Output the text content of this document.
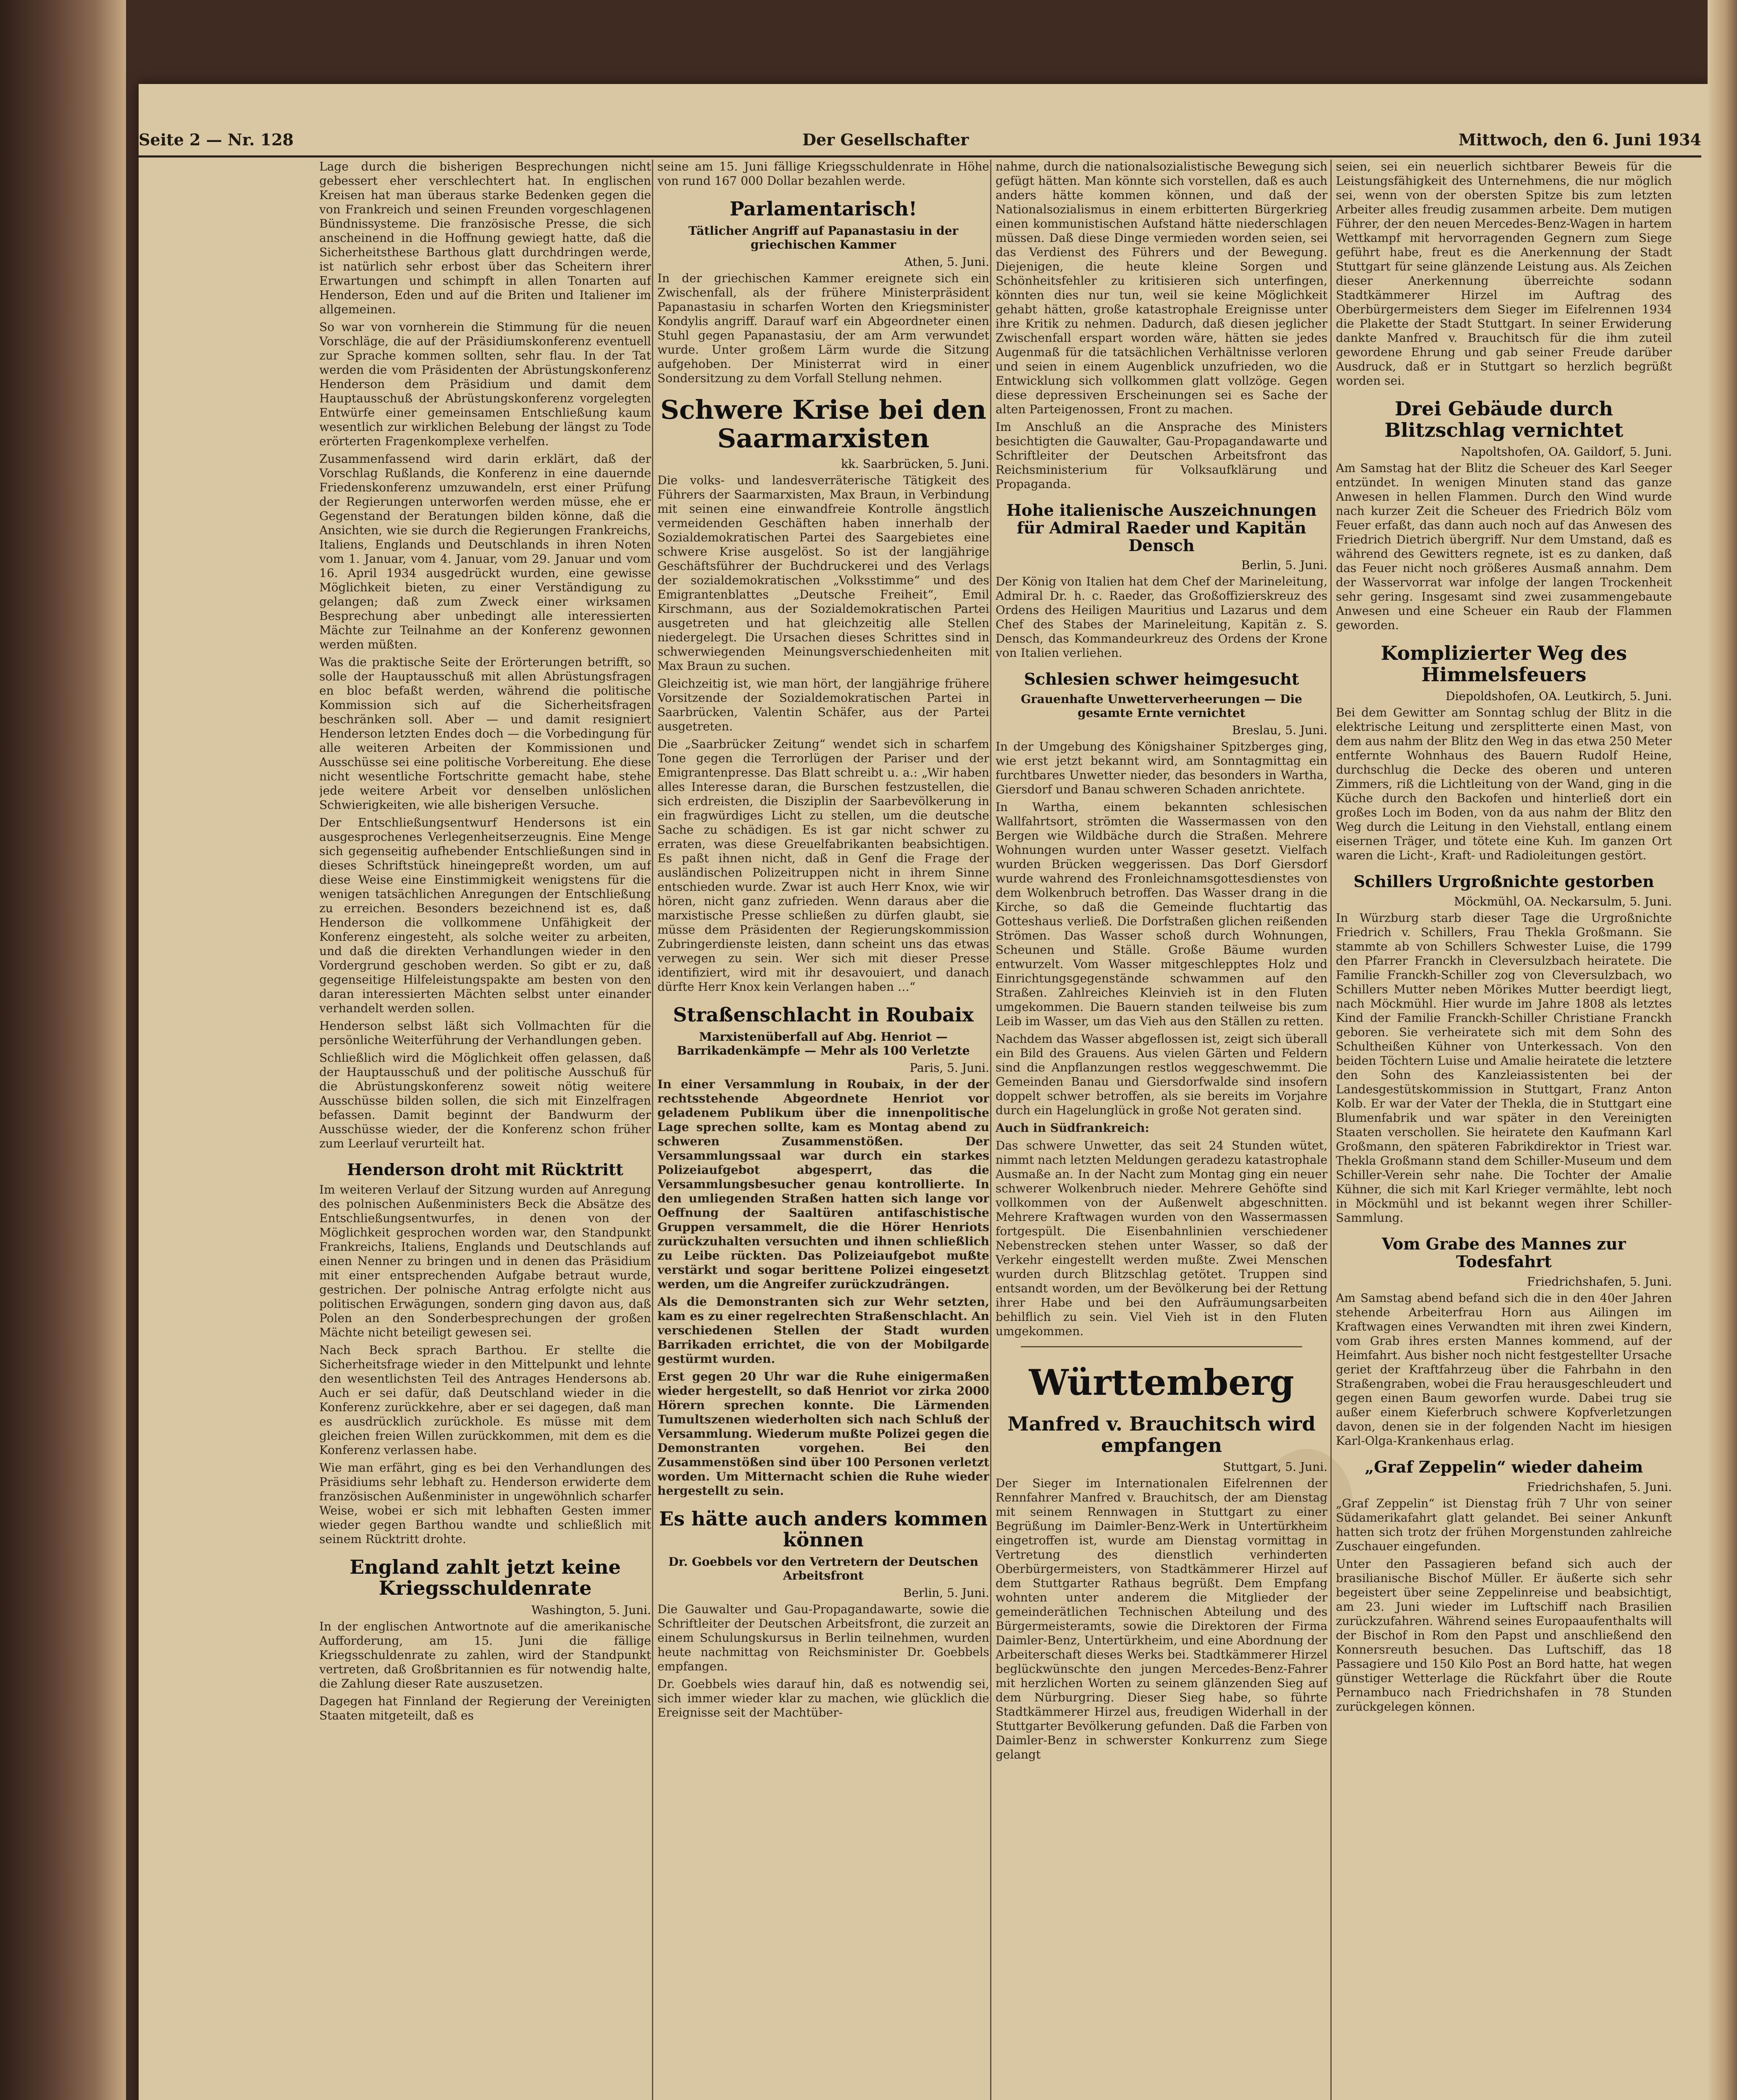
Seite 2 — Nr. 128	Der Gesellschafter	Mittwoch, den 6. Juni 1934

Lage durch die bisherigen Besprechungen nicht gebessert eher verschlechtert hat. In englischen Kreisen hat man überaus starke Bedenken gegen die von Frankreich und seinen Freunden vorgeschlagenen Bündnissysteme. Die französische Presse, die sich anscheinend in die Hoffnung gewiegt hatte, daß die Sicherheitsthese Barthous glatt durchdringen werde, ist natürlich sehr erbost über das Scheitern ihrer Erwartungen und schimpft in allen Tonarten auf Henderson, Eden und auf die Briten und Italiener im allgemeinen.

So war von vornherein die Stimmung für die neuen Vorschläge, die auf der Präsidiumskonferenz eventuell zur Sprache kommen sollten, sehr flau. In der Tat werden die vom Präsidenten der Abrüstungskonferenz Henderson dem Präsidium und damit dem Hauptausschuß der Abrüstungskonferenz vorgelegten Entwürfe einer gemeinsamen Entschließung kaum wesentlich zur wirklichen Belebung der längst zu Tode erörterten Fragenkomplexe verhelfen.

Zusammenfassend wird darin erklärt, daß der Vorschlag Rußlands, die Konferenz in eine dauernde Friedenskonferenz umzuwandeln, erst einer Prüfung der Regierungen unterworfen werden müsse, ehe er Gegenstand der Beratungen bilden könne, daß die Ansichten, wie sie durch die Regierungen Frankreichs, Italiens, Englands und Deutschlands in ihren Noten vom 1. Januar, vom 4. Januar, vom 29. Januar und vom 16. April 1934 ausgedrückt wurden, eine gewisse Möglichkeit bieten, zu einer Verständigung zu gelangen; daß zum Zweck einer wirksamen Besprechung aber unbedingt alle interessierten Mächte zur Teilnahme an der Konferenz gewonnen werden müßten.

Was die praktische Seite der Erörterungen betrifft, so solle der Hauptausschuß mit allen Abrüstungsfragen en bloc befaßt werden, während die politische Kommission sich auf die Sicherheitsfragen beschränken soll. Aber — und damit resigniert Henderson letzten Endes doch — die Vorbedingung für alle weiteren Arbeiten der Kommissionen und Ausschüsse sei eine politische Vorbereitung. Ehe diese nicht wesentliche Fortschritte gemacht habe, stehe jede weitere Arbeit vor denselben unlöslichen Schwierigkeiten, wie alle bisherigen Versuche.

Der Entschließungsentwurf Hendersons ist ein ausgesprochenes Verlegenheitserzeugnis. Eine Menge sich gegenseitig aufhebender Entschließungen sind in dieses Schriftstück hineingepreßt worden, um auf diese Weise eine Einstimmigkeit wenigstens für die wenigen tatsächlichen Anregungen der Entschließung zu erreichen. Besonders bezeichnend ist es, daß Henderson die vollkommene Unfähigkeit der Konferenz eingesteht, als solche weiter zu arbeiten, und daß die direkten Verhandlungen wieder in den Vordergrund geschoben werden. So gibt er zu, daß gegenseitige Hilfeleistungspakte am besten von den daran interessierten Mächten selbst unter einander verhandelt werden sollen.

Henderson selbst läßt sich Vollmachten für die persönliche Weiterführung der Verhandlungen geben.

Schließlich wird die Möglichkeit offen gelassen, daß der Hauptausschuß und der politische Ausschuß für die Abrüstungskonferenz soweit nötig weitere Ausschüsse bilden sollen, die sich mit Einzelfragen befassen. Damit beginnt der Bandwurm der Ausschüsse wieder, der die Konferenz schon früher zum Leerlauf verurteilt hat.

Henderson droht mit Rücktritt

Im weiteren Verlauf der Sitzung wurden auf Anregung des polnischen Außenministers Beck die Absätze des Entschließungsentwurfes, in denen von der Möglichkeit gesprochen worden war, den Standpunkt Frankreichs, Italiens, Englands und Deutschlands auf einen Nenner zu bringen und in denen das Präsidium mit einer entsprechenden Aufgabe betraut wurde, gestrichen. Der polnische Antrag erfolgte nicht aus politischen Erwägungen, sondern ging davon aus, daß Polen an den Sonderbesprechungen der großen Mächte nicht beteiligt gewesen sei.

Nach Beck sprach Barthou. Er stellte die Sicherheitsfrage wieder in den Mittelpunkt und lehnte den wesentlichsten Teil des Antrages Hendersons ab. Auch er sei dafür, daß Deutschland wieder in die Konferenz zurückkehre, aber er sei dagegen, daß man es ausdrücklich zurückhole. Es müsse mit dem gleichen freien Willen zurückkommen, mit dem es die Konferenz verlassen habe.

Wie man erfährt, ging es bei den Verhandlungen des Präsidiums sehr lebhaft zu. Henderson erwiderte dem französischen Außenminister in ungewöhnlich scharfer Weise, wobei er sich mit lebhaften Gesten immer wieder gegen Barthou wandte und schließlich mit seinem Rücktritt drohte.

England zahlt jetzt keine Kriegsschuldenrate

Washington, 5. Juni.

In der englischen Antwortnote auf die amerikanische Aufforderung, am 15. Juni die fällige Kriegsschuldenrate zu zahlen, wird der Standpunkt vertreten, daß Großbritannien es für notwendig halte, die Zahlung dieser Rate auszusetzen.

Dagegen hat Finnland der Regierung der Vereinigten Staaten mitgeteilt, daß es

seine am 15. Juni fällige Kriegsschuldenrate in Höhe von rund 167 000 Dollar bezahlen werde.

Parlamentarisch!

Tätlicher Angriff auf Papanastasiu in der griechischen Kammer

Athen, 5. Juni.

In der griechischen Kammer ereignete sich ein Zwischenfall, als der frühere Ministerpräsident Papanastasiu in scharfen Worten den Kriegsminister Kondylis angriff. Darauf warf ein Abgeordneter einen Stuhl gegen Papanastasiu, der am Arm verwundet wurde. Unter großem Lärm wurde die Sitzung aufgehoben. Der Ministerrat wird in einer Sondersitzung zu dem Vorfall Stellung nehmen.

Schwere Krise bei den Saarmarxisten

kk. Saarbrücken, 5. Juni.

Die volks- und landesverräterische Tätigkeit des Führers der Saarmarxisten, Max Braun, in Verbindung mit seinen eine einwandfreie Kontrolle ängstlich vermeidenden Geschäften haben innerhalb der Sozialdemokratischen Partei des Saargebietes eine schwere Krise ausgelöst. So ist der langjährige Geschäftsführer der Buchdruckerei und des Verlags der sozialdemokratischen „Volksstimme“ und des Emigrantenblattes „Deutsche Freiheit“, Emil Kirschmann, aus der Sozialdemokratischen Partei ausgetreten und hat gleichzeitig alle Stellen niedergelegt. Die Ursachen dieses Schrittes sind in schwerwiegenden Meinungsverschiedenheiten mit Max Braun zu suchen.

Gleichzeitig ist, wie man hört, der langjährige frühere Vorsitzende der Sozialdemokratischen Partei in Saarbrücken, Valentin Schäfer, aus der Partei ausgetreten.

Die „Saarbrücker Zeitung“ wendet sich in scharfem Tone gegen die Terrorlügen der Pariser und der Emigrantenpresse. Das Blatt schreibt u. a.: „Wir haben alles Interesse daran, die Burschen festzustellen, die sich erdreisten, die Disziplin der Saarbevölkerung in ein fragwürdiges Licht zu stellen, um die deutsche Sache zu schädigen. Es ist gar nicht schwer zu erraten, was diese Greuelfabrikanten beabsichtigen. Es paßt ihnen nicht, daß in Genf die Frage der ausländischen Polizeitruppen nicht in ihrem Sinne entschieden wurde. Zwar ist auch Herr Knox, wie wir hören, nicht ganz zufrieden. Wenn daraus aber die marxistische Presse schließen zu dürfen glaubt, sie müsse dem Präsidenten der Regierungskommission Zubringerdienste leisten, dann scheint uns das etwas verwegen zu sein. Wer sich mit dieser Presse identifiziert, wird mit ihr desavouiert, und danach dürfte Herr Knox kein Verlangen haben …“

Straßenschlacht in Roubaix

Marxistenüberfall auf Abg. Henriot — Barrikadenkämpfe — Mehr als 100 Verletzte

Paris, 5. Juni.

In einer Versammlung in Roubaix, in der der rechtsstehende Abgeordnete Henriot vor geladenem Publikum über die innenpolitische Lage sprechen sollte, kam es Montag abend zu schweren Zusammenstößen. Der Versammlungssaal war durch ein starkes Polizeiaufgebot abgesperrt, das die Versammlungsbesucher genau kontrollierte. In den umliegenden Straßen hatten sich lange vor Oeffnung der Saaltüren antifaschistische Gruppen versammelt, die die Hörer Henriots zurückzuhalten versuchten und ihnen schließlich zu Leibe rückten. Das Polizeiaufgebot mußte verstärkt und sogar berittene Polizei eingesetzt werden, um die Angreifer zurückzudrängen.

Als die Demonstranten sich zur Wehr setzten, kam es zu einer regelrechten Straßenschlacht. An verschiedenen Stellen der Stadt wurden Barrikaden errichtet, die von der Mobilgarde gestürmt wurden.

Erst gegen 20 Uhr war die Ruhe einigermaßen wieder hergestellt, so daß Henriot vor zirka 2000 Hörern sprechen konnte. Die Lärmenden Tumultszenen wiederholten sich nach Schluß der Versammlung. Wiederum mußte Polizei gegen die Demonstranten vorgehen. Bei den Zusammenstößen sind über 100 Personen verletzt worden. Um Mitternacht schien die Ruhe wieder hergestellt zu sein.

Es hätte auch anders kommen können

Dr. Goebbels vor den Vertretern der Deutschen Arbeitsfront

Berlin, 5. Juni.

Die Gauwalter und Gau-Propagandawarte, sowie die Schriftleiter der Deutschen Arbeitsfront, die zurzeit an einem Schulungskursus in Berlin teilnehmen, wurden heute nachmittag von Reichsminister Dr. Goebbels empfangen.

Dr. Goebbels wies darauf hin, daß es notwendig sei, sich immer wieder klar zu machen, wie glücklich die Ereignisse seit der Machtüber-

nahme, durch die nationalsozialistische Bewegung sich gefügt hätten. Man könnte sich vorstellen, daß es auch anders hätte kommen können, und daß der Nationalsozialismus in einem erbitterten Bürgerkrieg einen kommunistischen Aufstand hätte niederschlagen müssen. Daß diese Dinge vermieden worden seien, sei das Verdienst des Führers und der Bewegung. Diejenigen, die heute kleine Sorgen und Schönheitsfehler zu kritisieren sich unterfingen, könnten dies nur tun, weil sie keine Möglichkeit gehabt hätten, große katastrophale Ereignisse unter ihre Kritik zu nehmen. Dadurch, daß diesen jeglicher Zwischenfall erspart worden wäre, hätten sie jedes Augenmaß für die tatsächlichen Verhältnisse verloren und seien in einem Augenblick unzufrieden, wo die Entwicklung sich vollkommen glatt vollzöge. Gegen diese depressiven Erscheinungen sei es Sache der alten Parteigenossen, Front zu machen.

Im Anschluß an die Ansprache des Ministers besichtigten die Gauwalter, Gau-Propagandawarte und Schriftleiter der Deutschen Arbeitsfront das Reichsministerium für Volksaufklärung und Propaganda.

Hohe italienische Auszeichnungen für Admiral Raeder und Kapitän Densch

Berlin, 5. Juni.

Der König von Italien hat dem Chef der Marineleitung, Admiral Dr. h. c. Raeder, das Großoffizierskreuz des Ordens des Heiligen Mauritius und Lazarus und dem Chef des Stabes der Marineleitung, Kapitän z. S. Densch, das Kommandeurkreuz des Ordens der Krone von Italien verliehen.

Schlesien schwer heimgesucht

Grauenhafte Unwetterverheerungen — Die gesamte Ernte vernichtet

Breslau, 5. Juni.

In der Umgebung des Königshainer Spitzberges ging, wie erst jetzt bekannt wird, am Sonntagmittag ein furchtbares Unwetter nieder, das besonders in Wartha, Giersdorf und Banau schweren Schaden anrichtete.

In Wartha, einem bekannten schlesischen Wallfahrtsort, strömten die Wassermassen von den Bergen wie Wildbäche durch die Straßen. Mehrere Wohnungen wurden unter Wasser gesetzt. Vielfach wurden Brücken weggerissen. Das Dorf Giersdorf wurde wahrend des Fronleichnamsgottesdienstes von dem Wolkenbruch betroffen. Das Wasser drang in die Kirche, so daß die Gemeinde fluchtartig das Gotteshaus verließ. Die Dorfstraßen glichen reißenden Strömen. Das Wasser schoß durch Wohnungen, Scheunen und Ställe. Große Bäume wurden entwurzelt. Vom Wasser mitgeschlepptes Holz und Einrichtungsgegenstände schwammen auf den Straßen. Zahlreiches Kleinvieh ist in den Fluten umgekommen. Die Bauern standen teilweise bis zum Leib im Wasser, um das Vieh aus den Ställen zu retten.

Nachdem das Wasser abgeflossen ist, zeigt sich überall ein Bild des Grauens. Aus vielen Gärten und Feldern sind die Anpflanzungen restlos weggeschwemmt. Die Gemeinden Banau und Giersdorfwalde sind insofern doppelt schwer betroffen, als sie bereits im Vorjahre durch ein Hagelunglück in große Not geraten sind.

Auch in Südfrankreich:

Das schwere Unwetter, das seit 24 Stunden wütet, nimmt nach letzten Meldungen geradezu katastrophale Ausmaße an. In der Nacht zum Montag ging ein neuer schwerer Wolkenbruch nieder. Mehrere Gehöfte sind vollkommen von der Außenwelt abgeschnitten. Mehrere Kraftwagen wurden von den Wassermassen fortgespült. Die Eisenbahnlinien verschiedener Nebenstrecken stehen unter Wasser, so daß der Verkehr eingestellt werden mußte. Zwei Menschen wurden durch Blitzschlag getötet. Truppen sind entsandt worden, um der Bevölkerung bei der Rettung ihrer Habe und bei den Aufräumungsarbeiten behilflich zu sein. Viel Vieh ist in den Fluten umgekommen.

Württemberg
Manfred v. Brauchitsch wird empfangen

Stuttgart, 5. Juni.

Der Sieger im Internationalen Eifelrennen der Rennfahrer Manfred v. Brauchitsch, der am Dienstag mit seinem Rennwagen in Stuttgart zu einer Begrüßung im Daimler-Benz-Werk in Untertürkheim eingetroffen ist, wurde am Dienstag vormittag in Vertretung des dienstlich verhinderten Oberbürgermeisters, von Stadtkämmerer Hirzel auf dem Stuttgarter Rathaus begrüßt. Dem Empfang wohnten unter anderem die Mitglieder der gemeinderätlichen Technischen Abteilung und des Bürgermeisteramts, sowie die Direktoren der Firma Daimler-Benz, Untertürkheim, und eine Abordnung der Arbeiterschaft dieses Werks bei. Stadtkämmerer Hirzel beglückwünschte den jungen Mercedes-Benz-Fahrer mit herzlichen Worten zu seinem glänzenden Sieg auf dem Nürburgring. Dieser Sieg habe, so führte Stadtkämmerer Hirzel aus, freudigen Widerhall in der Stuttgarter Bevölkerung gefunden. Daß die Farben von Daimler-Benz in schwerster Konkurrenz zum Siege gelangt

seien, sei ein neuerlich sichtbarer Beweis für die Leistungsfähigkeit des Unternehmens, die nur möglich sei, wenn von der obersten Spitze bis zum letzten Arbeiter alles freudig zusammen arbeite. Dem mutigen Führer, der den neuen Mercedes-Benz-Wagen in hartem Wettkampf mit hervorragenden Gegnern zum Siege geführt habe, freut es die Anerkennung der Stadt Stuttgart für seine glänzende Leistung aus. Als Zeichen dieser Anerkennung überreichte sodann Stadtkämmerer Hirzel im Auftrag des Oberbürgermeisters dem Sieger im Eifelrennen 1934 die Plakette der Stadt Stuttgart. In seiner Erwiderung dankte Manfred v. Brauchitsch für die ihm zuteil gewordene Ehrung und gab seiner Freude darüber Ausdruck, daß er in Stuttgart so herzlich begrüßt worden sei.

Drei Gebäude durch Blitzschlag vernichtet

Napoltshofen, OA. Gaildorf, 5. Juni.

Am Samstag hat der Blitz die Scheuer des Karl Seeger entzündet. In wenigen Minuten stand das ganze Anwesen in hellen Flammen. Durch den Wind wurde nach kurzer Zeit die Scheuer des Friedrich Bölz vom Feuer erfaßt, das dann auch noch auf das Anwesen des Friedrich Dietrich übergriff. Nur dem Umstand, daß es während des Gewitters regnete, ist es zu danken, daß das Feuer nicht noch größeres Ausmaß annahm. Dem der Wasservorrat war infolge der langen Trockenheit sehr gering. Insgesamt sind zwei zusammengebaute Anwesen und eine Scheuer ein Raub der Flammen geworden.

Komplizierter Weg des Himmelsfeuers

Diepoldshofen, OA. Leutkirch, 5. Juni.

Bei dem Gewitter am Sonntag schlug der Blitz in die elektrische Leitung und zersplitterte einen Mast, von dem aus nahm der Blitz den Weg in das etwa 250 Meter entfernte Wohnhaus des Bauern Rudolf Heine, durchschlug die Decke des oberen und unteren Zimmers, riß die Lichtleitung von der Wand, ging in die Küche durch den Backofen und hinterließ dort ein großes Loch im Boden, von da aus nahm der Blitz den Weg durch die Leitung in den Viehstall, entlang einem eisernen Träger, und tötete eine Kuh. Im ganzen Ort waren die Licht-, Kraft- und Radioleitungen gestört.

Schillers Urgroßnichte gestorben

Möckmühl, OA. Neckarsulm, 5. Juni.

In Würzburg starb dieser Tage die Urgroßnichte Friedrich v. Schillers, Frau Thekla Großmann. Sie stammte ab von Schillers Schwester Luise, die 1799 den Pfarrer Franckh in Cleversulzbach heiratete. Die Familie Franckh-Schiller zog von Cleversulzbach, wo Schillers Mutter neben Mörikes Mutter beerdigt liegt, nach Möckmühl. Hier wurde im Jahre 1808 als letztes Kind der Familie Franckh-Schiller Christiane Franckh geboren. Sie verheiratete sich mit dem Sohn des Schultheißen Kühner von Unterkessach. Von den beiden Töchtern Luise und Amalie heiratete die letztere den Sohn des Kanzleiassistenten bei der Landesgestütskommission in Stuttgart, Franz Anton Kolb. Er war der Vater der Thekla, die in Stuttgart eine Blumenfabrik und war später in den Vereinigten Staaten verschollen. Sie heiratete den Kaufmann Karl Großmann, den späteren Fabrikdirektor in Triest war. Thekla Großmann stand dem Schiller-Museum und dem Schiller-Verein sehr nahe. Die Tochter der Amalie Kühner, die sich mit Karl Krieger vermählte, lebt noch in Möckmühl und ist bekannt wegen ihrer Schiller-Sammlung.

Vom Grabe des Mannes zur Todesfahrt

Friedrichshafen, 5. Juni.

Am Samstag abend befand sich die in den 40er Jahren stehende Arbeiterfrau Horn aus Ailingen im Kraftwagen eines Verwandten mit ihren zwei Kindern, vom Grab ihres ersten Mannes kommend, auf der Heimfahrt. Aus bisher noch nicht festgestellter Ursache geriet der Kraftfahrzeug über die Fahrbahn in den Straßengraben, wobei die Frau herausgeschleudert und gegen einen Baum geworfen wurde. Dabei trug sie außer einem Kieferbruch schwere Kopfverletzungen davon, denen sie in der folgenden Nacht im hiesigen Karl-Olga-Krankenhaus erlag.

„Graf Zeppelin“ wieder daheim

Friedrichshafen, 5. Juni.

„Graf Zeppelin“ ist Dienstag früh 7 Uhr von seiner Südamerikafahrt glatt gelandet. Bei seiner Ankunft hatten sich trotz der frühen Morgenstunden zahlreiche Zuschauer eingefunden.

Unter den Passagieren befand sich auch der brasilianische Bischof Müller. Er äußerte sich sehr begeistert über seine Zeppelinreise und beabsichtigt, am 23. Juni wieder im Luftschiff nach Brasilien zurückzufahren. Während seines Europaaufenthalts will der Bischof in Rom den Papst und anschließend den Konnersreuth besuchen. Das Luftschiff, das 18 Passagiere und 150 Kilo Post an Bord hatte, hat wegen günstiger Wetterlage die Rückfahrt über die Route Pernambuco nach Friedrichshafen in 78 Stunden zurückgelegen können.
